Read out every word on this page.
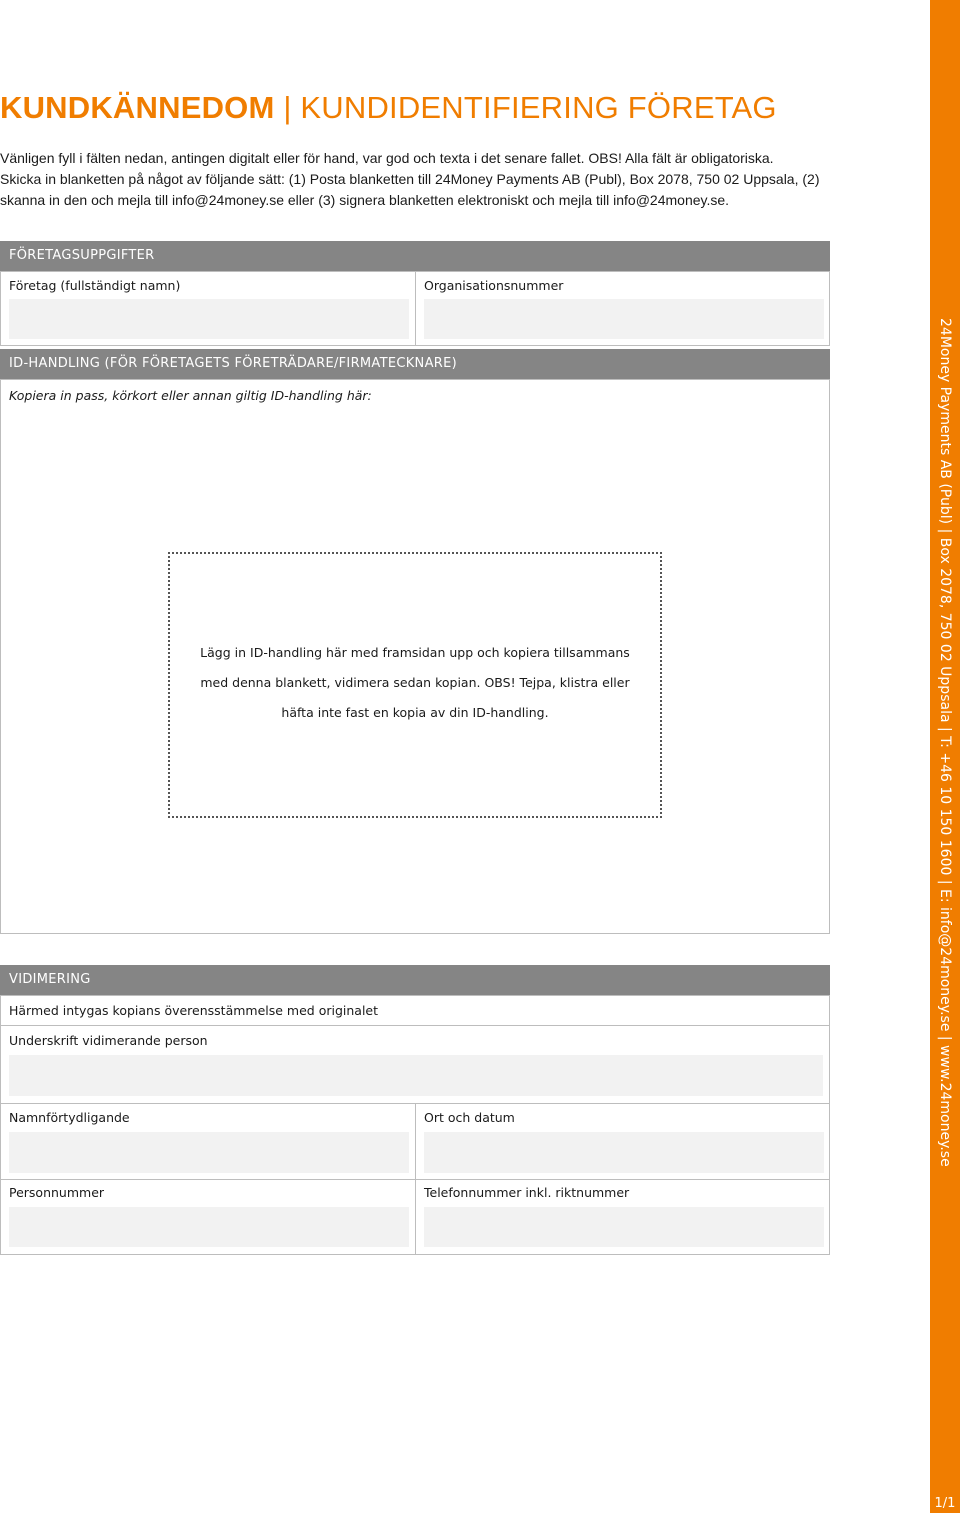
KUNDKÄNNEDOM | KUNDIDENTIFIERING FÖRETAG

Vänligen fyll i fälten nedan, antingen digitalt eller för hand, var god och texta i det senare fallet. OBS! Alla fält är obligatoriska.

Skicka in blanketten på något av följande sätt: (1) Posta blanketten till 24Money Payments AB (Publ), Box 2078, 750 02 Uppsala, (2) skanna in den och mejla till info@24money.se eller (3) signera blanketten elektroniskt och mejla till info@24money.se.

FÖRETAGSUPPGIFTER
Företag (fullständigt namn)	Organisationsnummer
ID-HANDLING (FÖR FÖRETAGETS FÖRETRÄDARE/FIRMATECKNARE)
Kopiera in pass, körkort eller annan giltig ID-handling här:
Lägg in ID-handling här med framsidan upp och kopiera tillsammans
med denna blankett, vidimera sedan kopian. OBS! Tejpa, klistra eller
häfta inte fast en kopia av din ID-handling.
VIDIMERING
Härmed intygas kopians överensstämmelse med originalet
Underskrift vidimerande person
Namnförtydligande	Ort och datum
Personnummer	Telefonnummer inkl. riktnummer
24Money Payments AB (Publ) | Box 2078, 750 02 Uppsala | T: +46 10 150 1600 | E: info@24money.se | www.24money.se
1/1
